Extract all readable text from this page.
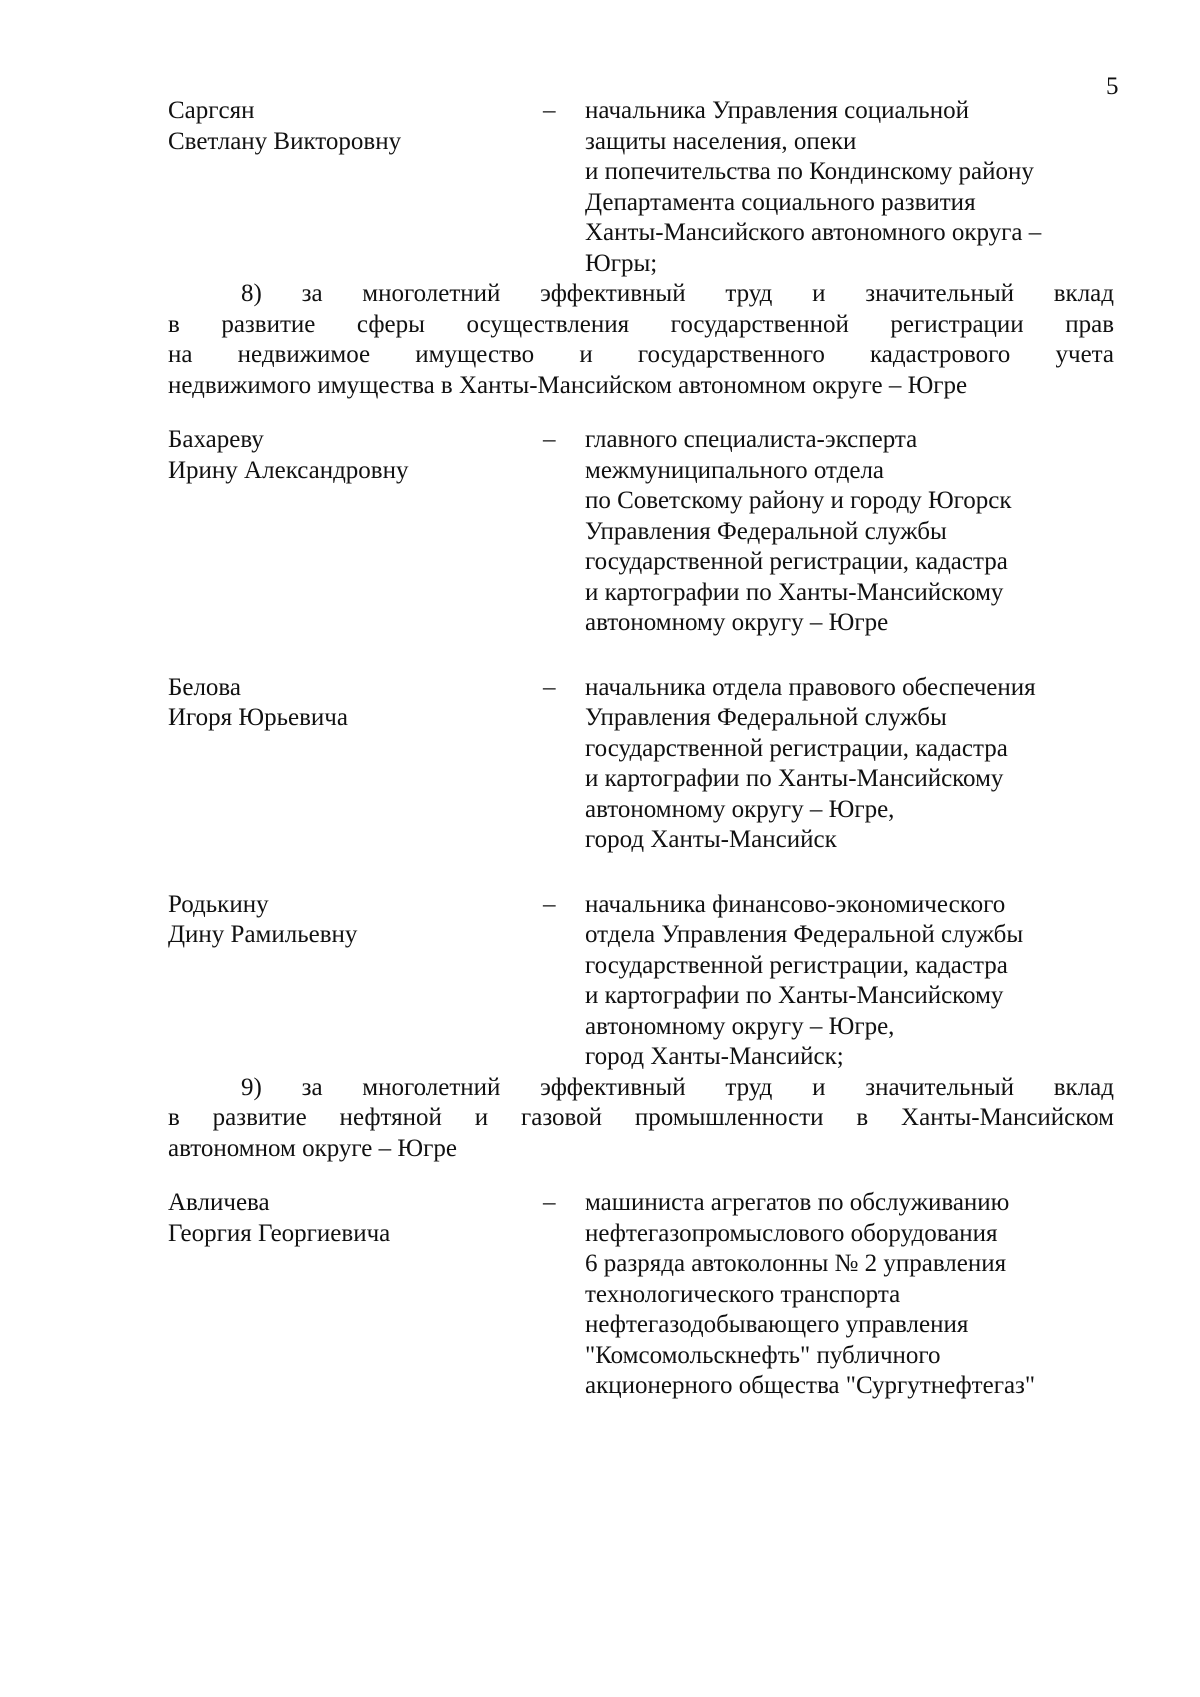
5
Саргсян
Светлану Викторовну
–	начальника Управления социальной
защиты населения, опеки
и попечительства по Кондинскому району
Департамента социального развития
Ханты-Мансийского автономного округа –
Югры;
8) за многолетний эффективный труд и значительный вклад
в развитие сферы осуществления государственной регистрации прав
на недвижимое имущество и государственного кадастрового учета
недвижимого имущества в Ханты-Мансийском автономном округе – Югре
Бахареву
Ирину Александровну
–	главного специалиста-эксперта
межмуниципального отдела
по Советскому району и городу Югорск
Управления Федеральной службы
государственной регистрации, кадастра
и картографии по Ханты-Мансийскому
автономному округу – Югре
Белова
Игоря Юрьевича
–	начальника отдела правового обеспечения
Управления Федеральной службы
государственной регистрации, кадастра
и картографии по Ханты-Мансийскому
автономному округу – Югре,
город Ханты-Мансийск
Родькину
Дину Рамильевну
–	начальника финансово-экономического
отдела Управления Федеральной службы
государственной регистрации, кадастра
и картографии по Ханты-Мансийскому
автономному округу – Югре,
город Ханты-Мансийск;
9) за многолетний эффективный труд и значительный вклад
в развитие нефтяной и газовой промышленности в Ханты-Мансийском
автономном округе – Югре
Авличева
Георгия Георгиевича
–	машиниста агрегатов по обслуживанию
нефтегазопромыслового оборудования
6 разряда автоколонны № 2 управления
технологического транспорта
нефтегазодобывающего управления
"Комсомольскнефть" публичного
акционерного общества "Сургутнефтегаз"
